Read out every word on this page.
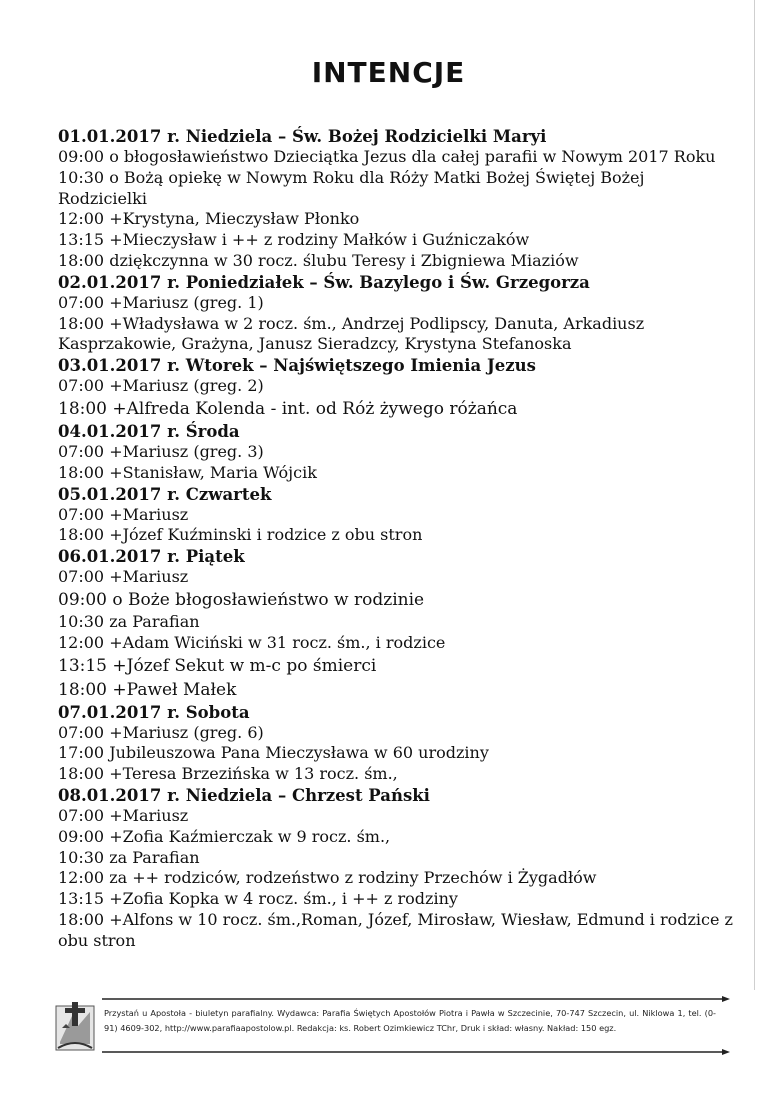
INTENCJE

01.01.2017 r. Niedziela – Św. Bożej Rodzicielki Maryi

09:00 o błogosławieństwo Dzieciątka Jezus dla całej parafii w Nowym 2017 Roku

10:30 o Bożą opiekę w Nowym Roku dla Róży Matki Bożej Świętej Bożej Rodzicielki

12:00 +Krystyna, Mieczysław Płonko

13:15 +Mieczysław i ++ z rodziny Małków i Guźniczaków

18:00 dziękczynna w 30 rocz. ślubu Teresy i Zbigniewa Miaziów

02.01.2017 r. Poniedziałek – Św. Bazylego i Św. Grzegorza

07:00 +Mariusz (greg. 1)

18:00 +Władysława w 2 rocz. śm., Andrzej Podlipscy, Danuta, Arkadiusz Kasprzakowie, Grażyna, Janusz Sieradzcy, Krystyna Stefanoska

03.01.2017 r. Wtorek – Najświętszego Imienia Jezus

07:00 +Mariusz (greg. 2)

18:00 +Alfreda Kolenda - int. od Róż żywego różańca

04.01.2017 r. Środa

07:00 +Mariusz (greg. 3)

18:00 +Stanisław, Maria Wójcik

05.01.2017 r. Czwartek

07:00 +Mariusz

18:00 +Józef Kuźminski i rodzice z obu stron

06.01.2017 r. Piątek

07:00 +Mariusz

09:00 o Boże błogosławieństwo w rodzinie

10:30 za Parafian

12:00 +Adam Wiciński w 31 rocz. śm., i rodzice

13:15 +Józef Sekut w m-c po śmierci

18:00 +Paweł Małek

07.01.2017 r. Sobota

07:00 +Mariusz (greg. 6)

17:00 Jubileuszowa Pana Mieczysława w 60 urodziny

18:00 +Teresa Brzezińska w 13 rocz. śm.,

08.01.2017 r. Niedziela – Chrzest Pański

07:00 +Mariusz

09:00 +Zofia Kaźmierczak w 9 rocz. śm.,

10:30 za Parafian

12:00 za ++ rodziców, rodzeństwo z rodziny Przechów i Żygadłów

13:15 +Zofia Kopka w 4 rocz. śm., i ++ z rodziny

18:00 +Alfons w 10 rocz. śm.,Roman, Józef, Mirosław, Wiesław, Edmund i rodzice z obu stron

Przystań u Apostoła - biuletyn parafialny. Wydawca: Parafia Świętych Apostołów Piotra i Pawła w Szczecinie, 70-747 Szczecin, ul. Niklowa 1, tel. (0-91) 4609-302, http://www.parafiaapostolow.pl. Redakcja: ks. Robert Ozimkiewicz TChr, Druk i skład: własny. Nakład: 150 egz.
